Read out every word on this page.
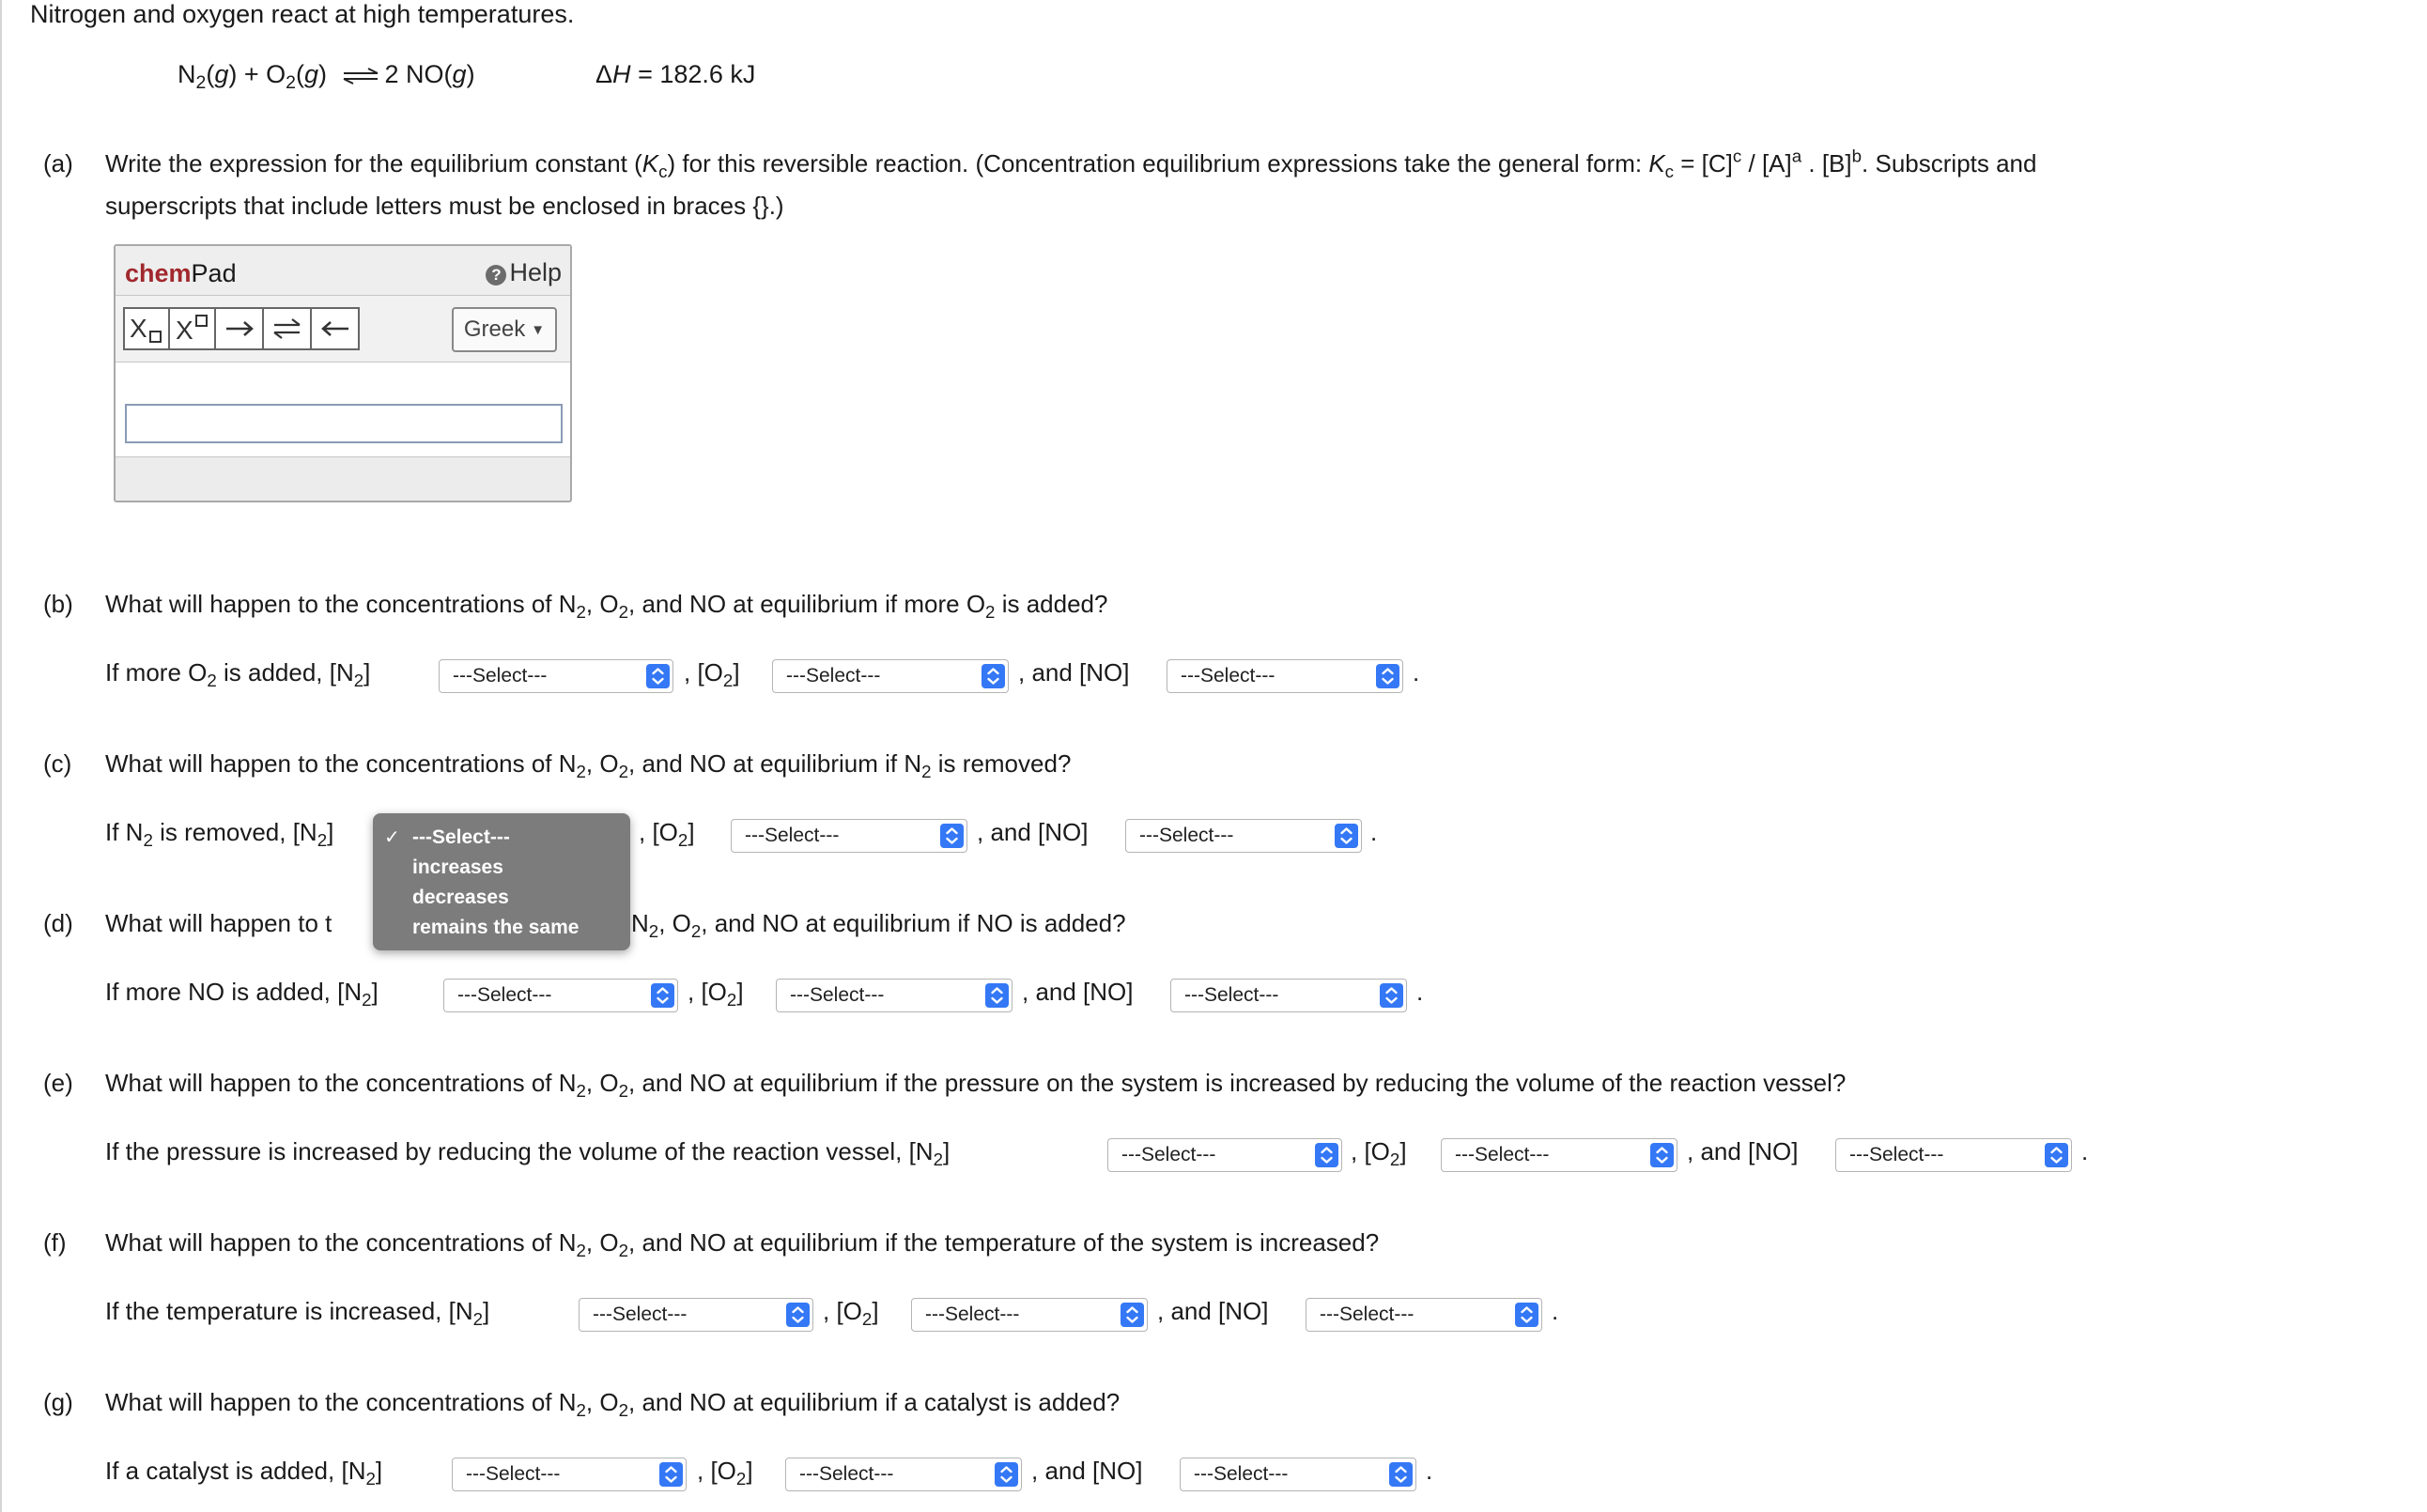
Nitrogen and oxygen react at high temperatures.
$N_2(g) + O_2(g)$ ⇌ 2 NO(g)	ΔH = 182.6 kJ
(a) Write the expression for the equilibrium constant $(K_c)$ for this reversible reaction. (Concentration equilibrium expressions take the general form: $K_c = [C]^c / [A]^a$ . $[B]^b$. Subscripts and
superscripts that include letters must be enclosed in braces {}.)
chemPad	? Help
X X	Greek ▼
(b) What will happen to the concentrations of $N_2$, $O_2$, and NO at equilibrium if more $O_2$ is added?
If more $O_2$ is added, $[N_2]$	---Select---	, $[O_2]$	---Select---	, and [NO]	---Select---	.
(c) What will happen to the concentrations of $N_2$, $O_2$, and NO at equilibrium if $N_2$ is removed?
If $N_2$ is removed, $[N_2]$	, $[O_2]$	---Select---	, and [NO]	---Select---	.
(d) What will happen to t	$N_2$, $O_2$, and NO at equilibrium if NO is added?
If more NO is added, $[N_2]$	---Select---	, $[O_2]$	---Select---	, and [NO]	---Select---	.
(e) What will happen to the concentrations of $N_2$, $O_2$, and NO at equilibrium if the pressure on the system is increased by reducing the volume of the reaction vessel?
If the pressure is increased by reducing the volume of the reaction vessel, $[N_2]$	---Select---	, $[O_2]$	---Select---	, and [NO]	---Select---	.
(f) What will happen to the concentrations of $N_2$, $O_2$, and NO at equilibrium if the temperature of the system is increased?
If the temperature is increased, $[N_2]$	---Select---	, $[O_2]$	---Select---	, and [NO]	---Select---	.
(g) What will happen to the concentrations of $N_2$, $O_2$, and NO at equilibrium if a catalyst is added?
If a catalyst is added, $[N_2]$	---Select---	, $[O_2]$	---Select---	, and [NO]	---Select---	.
✓ ---Select---
increases
decreases
remains the same
